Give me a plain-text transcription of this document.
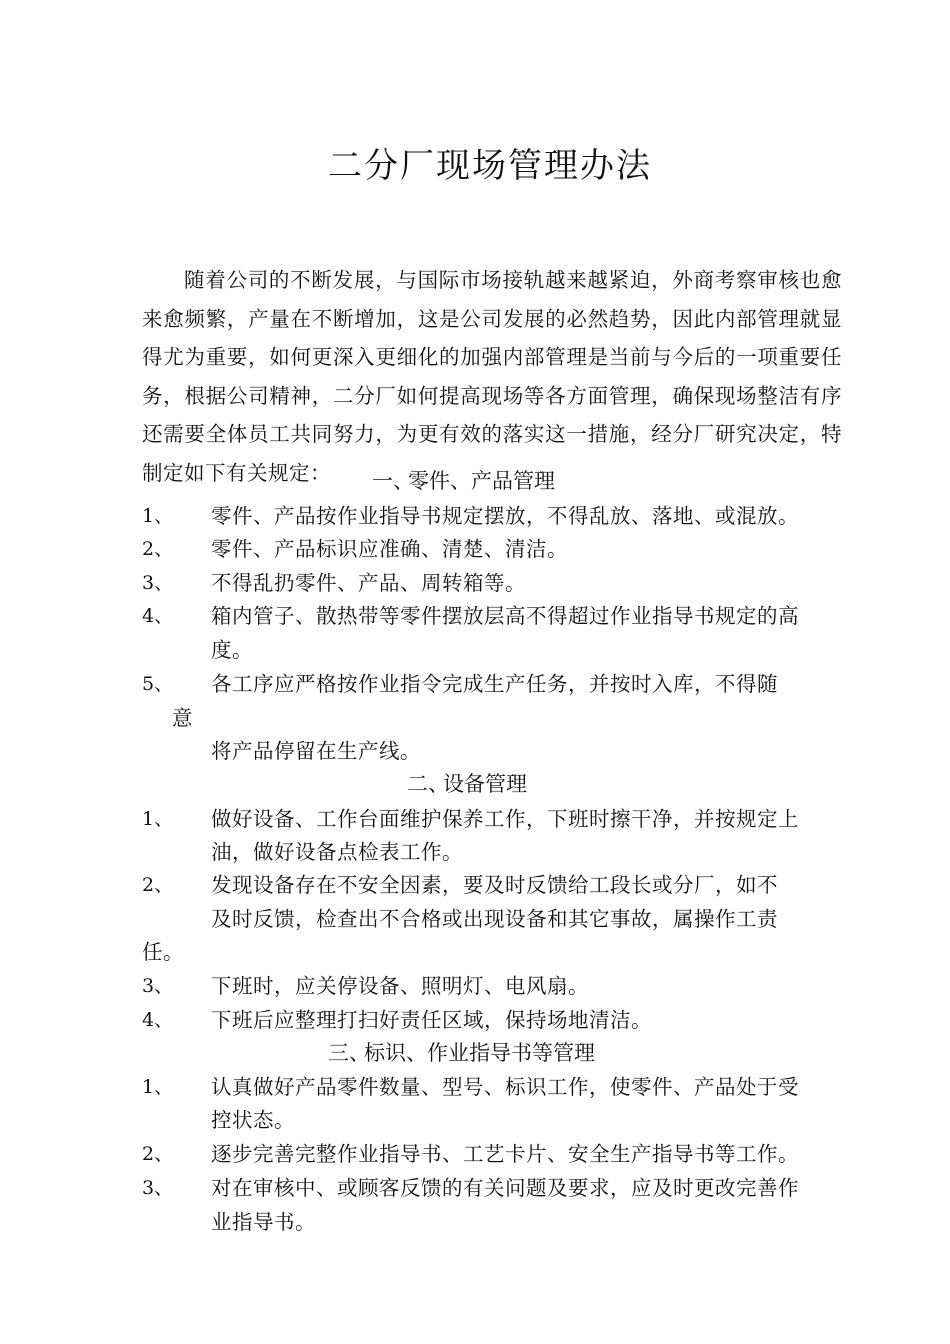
二分厂现场管理办法
随着公司的不断发展，与国际市场接轨越来越紧迫，外商考察审核也愈来愈频繁，产量在不断增加，这是公司发展的必然趋势，因此内部管理就显得尤为重要，如何更深入更细化的加强内部管理是当前与今后的一项重要任务，根据公司精神，二分厂如何提高现场等各方面管理，确保现场整洁有序还需要全体员工共同努力，为更有效的落实这一措施，经分厂研究决定，特制定如下有关规定：	一、零件、产品管理
1、 零件、产品按作业指导书规定摆放，不得乱放、落地、或混放。
2、 零件、产品标识应准确、清楚、清洁。
3、 不得乱扔零件、产品、周转箱等。
4、 箱内管子、散热带等零件摆放层高不得超过作业指导书规定的高
度。
5、 各工序应严格按作业指令完成生产任务，并按时入库，不得随
意
将产品停留在生产线。
二、设备管理
1、 做好设备、工作台面维护保养工作，下班时擦干净，并按规定上
油，做好设备点检表工作。
2、 发现设备存在不安全因素，要及时反馈给工段长或分厂，如不
及时反馈，检查出不合格或出现设备和其它事故，属操作工责
任。
3、 下班时，应关停设备、照明灯、电风扇。
4、 下班后应整理打扫好责任区域，保持场地清洁。
三、标识、作业指导书等管理
1、 认真做好产品零件数量、型号、标识工作，使零件、产品处于受
控状态。
2、 逐步完善完整作业指导书、工艺卡片、安全生产指导书等工作。
3、 对在审核中、或顾客反馈的有关问题及要求，应及时更改完善作
业指导书。
